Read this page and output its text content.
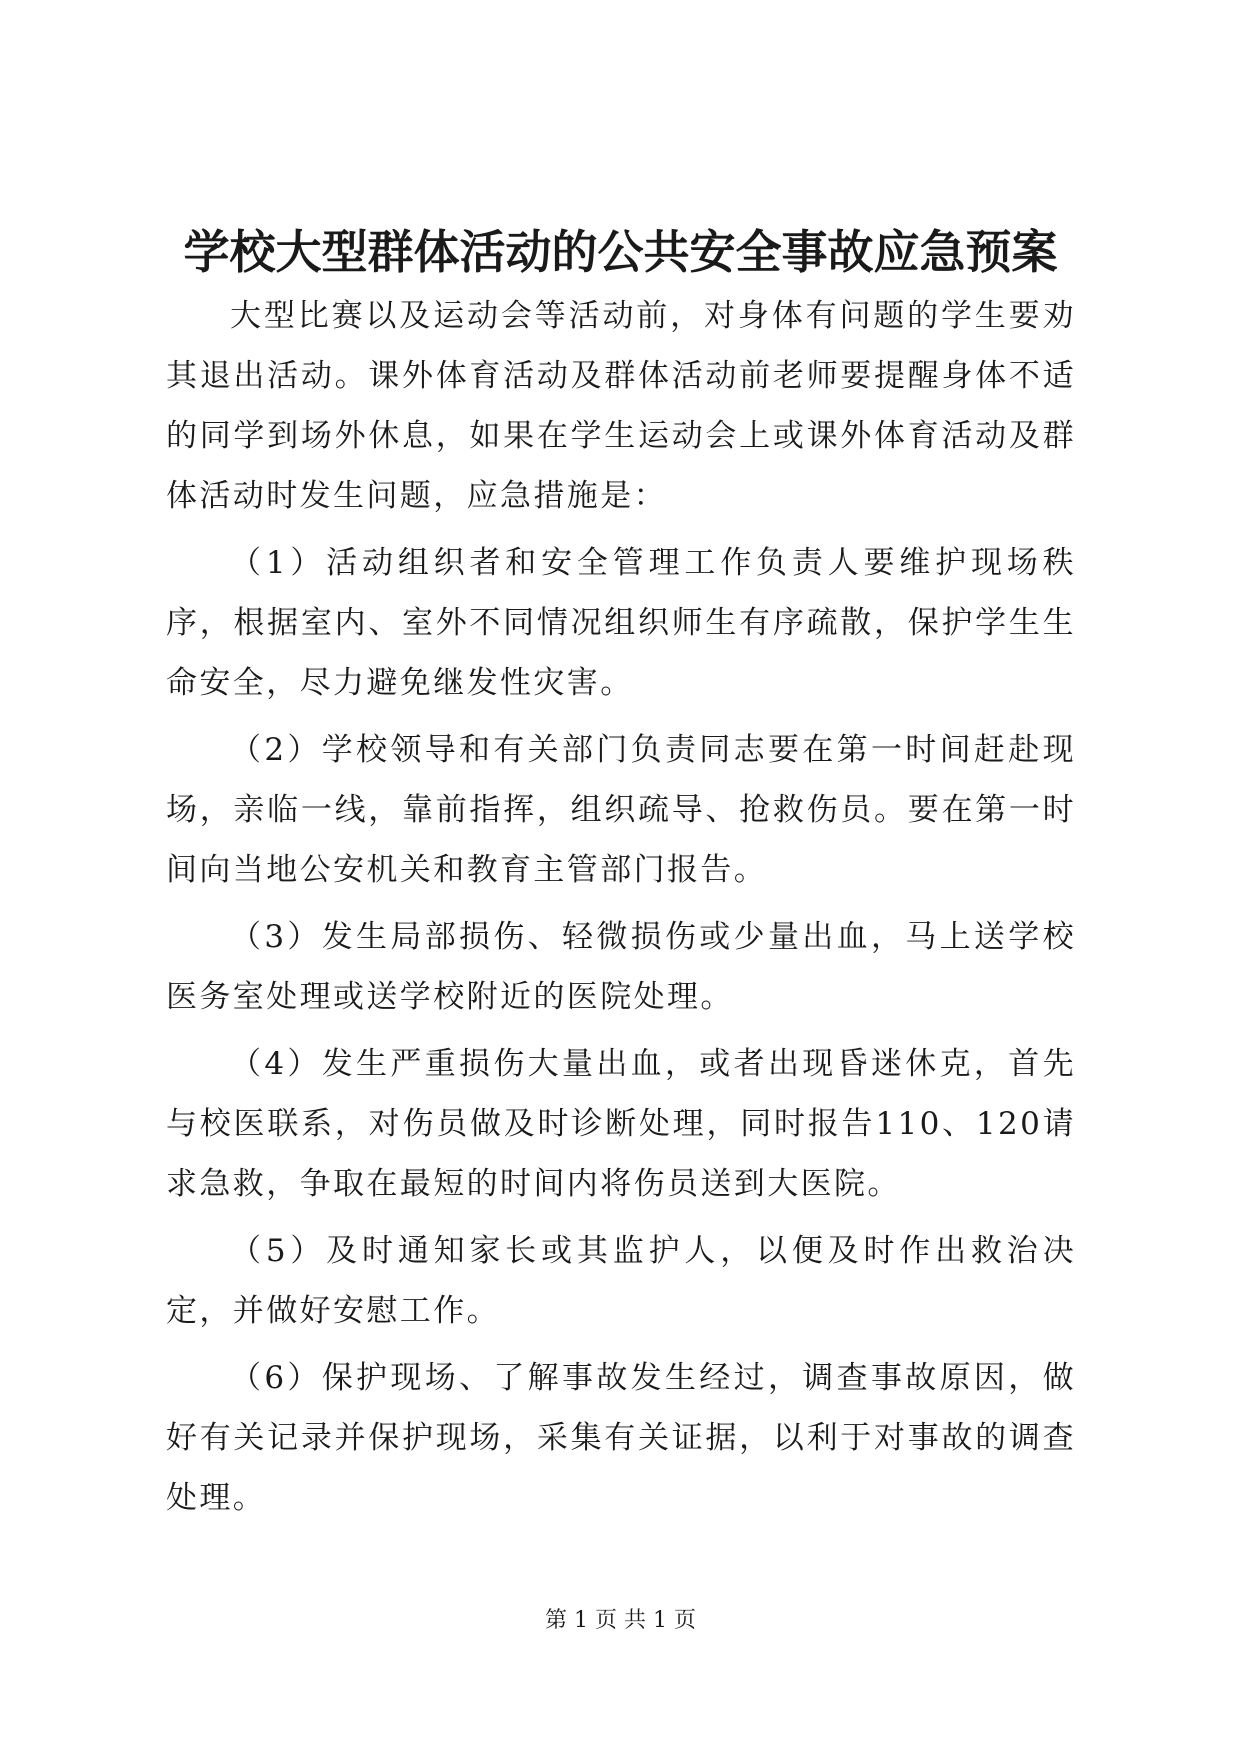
学校大型群体活动的公共安全事故应急预案

大型比赛以及运动会等活动前，对身体有问题的学生要劝其退出活动。课外体育活动及群体活动前老师要提醒身体不适的同学到场外休息，如果在学生运动会上或课外体育活动及群体活动时发生问题，应急措施是：

（1）活动组织者和安全管理工作负责人要维护现场秩序，根据室内、室外不同情况组织师生有序疏散，保护学生生命安全，尽力避免继发性灾害。

（2）学校领导和有关部门负责同志要在第一时间赶赴现场，亲临一线，靠前指挥，组织疏导、抢救伤员。要在第一时间向当地公安机关和教育主管部门报告。

（3）发生局部损伤、轻微损伤或少量出血，马上送学校医务室处理或送学校附近的医院处理。

（4）发生严重损伤大量出血，或者出现昏迷休克，首先与校医联系，对伤员做及时诊断处理，同时报告110、120请求急救，争取在最短的时间内将伤员送到大医院。

（5）及时通知家长或其监护人，以便及时作出救治决定，并做好安慰工作。

（6）保护现场、了解事故发生经过，调查事故原因，做好有关记录并保护现场，采集有关证据，以利于对事故的调查处理。

第 1 页 共 1 页
